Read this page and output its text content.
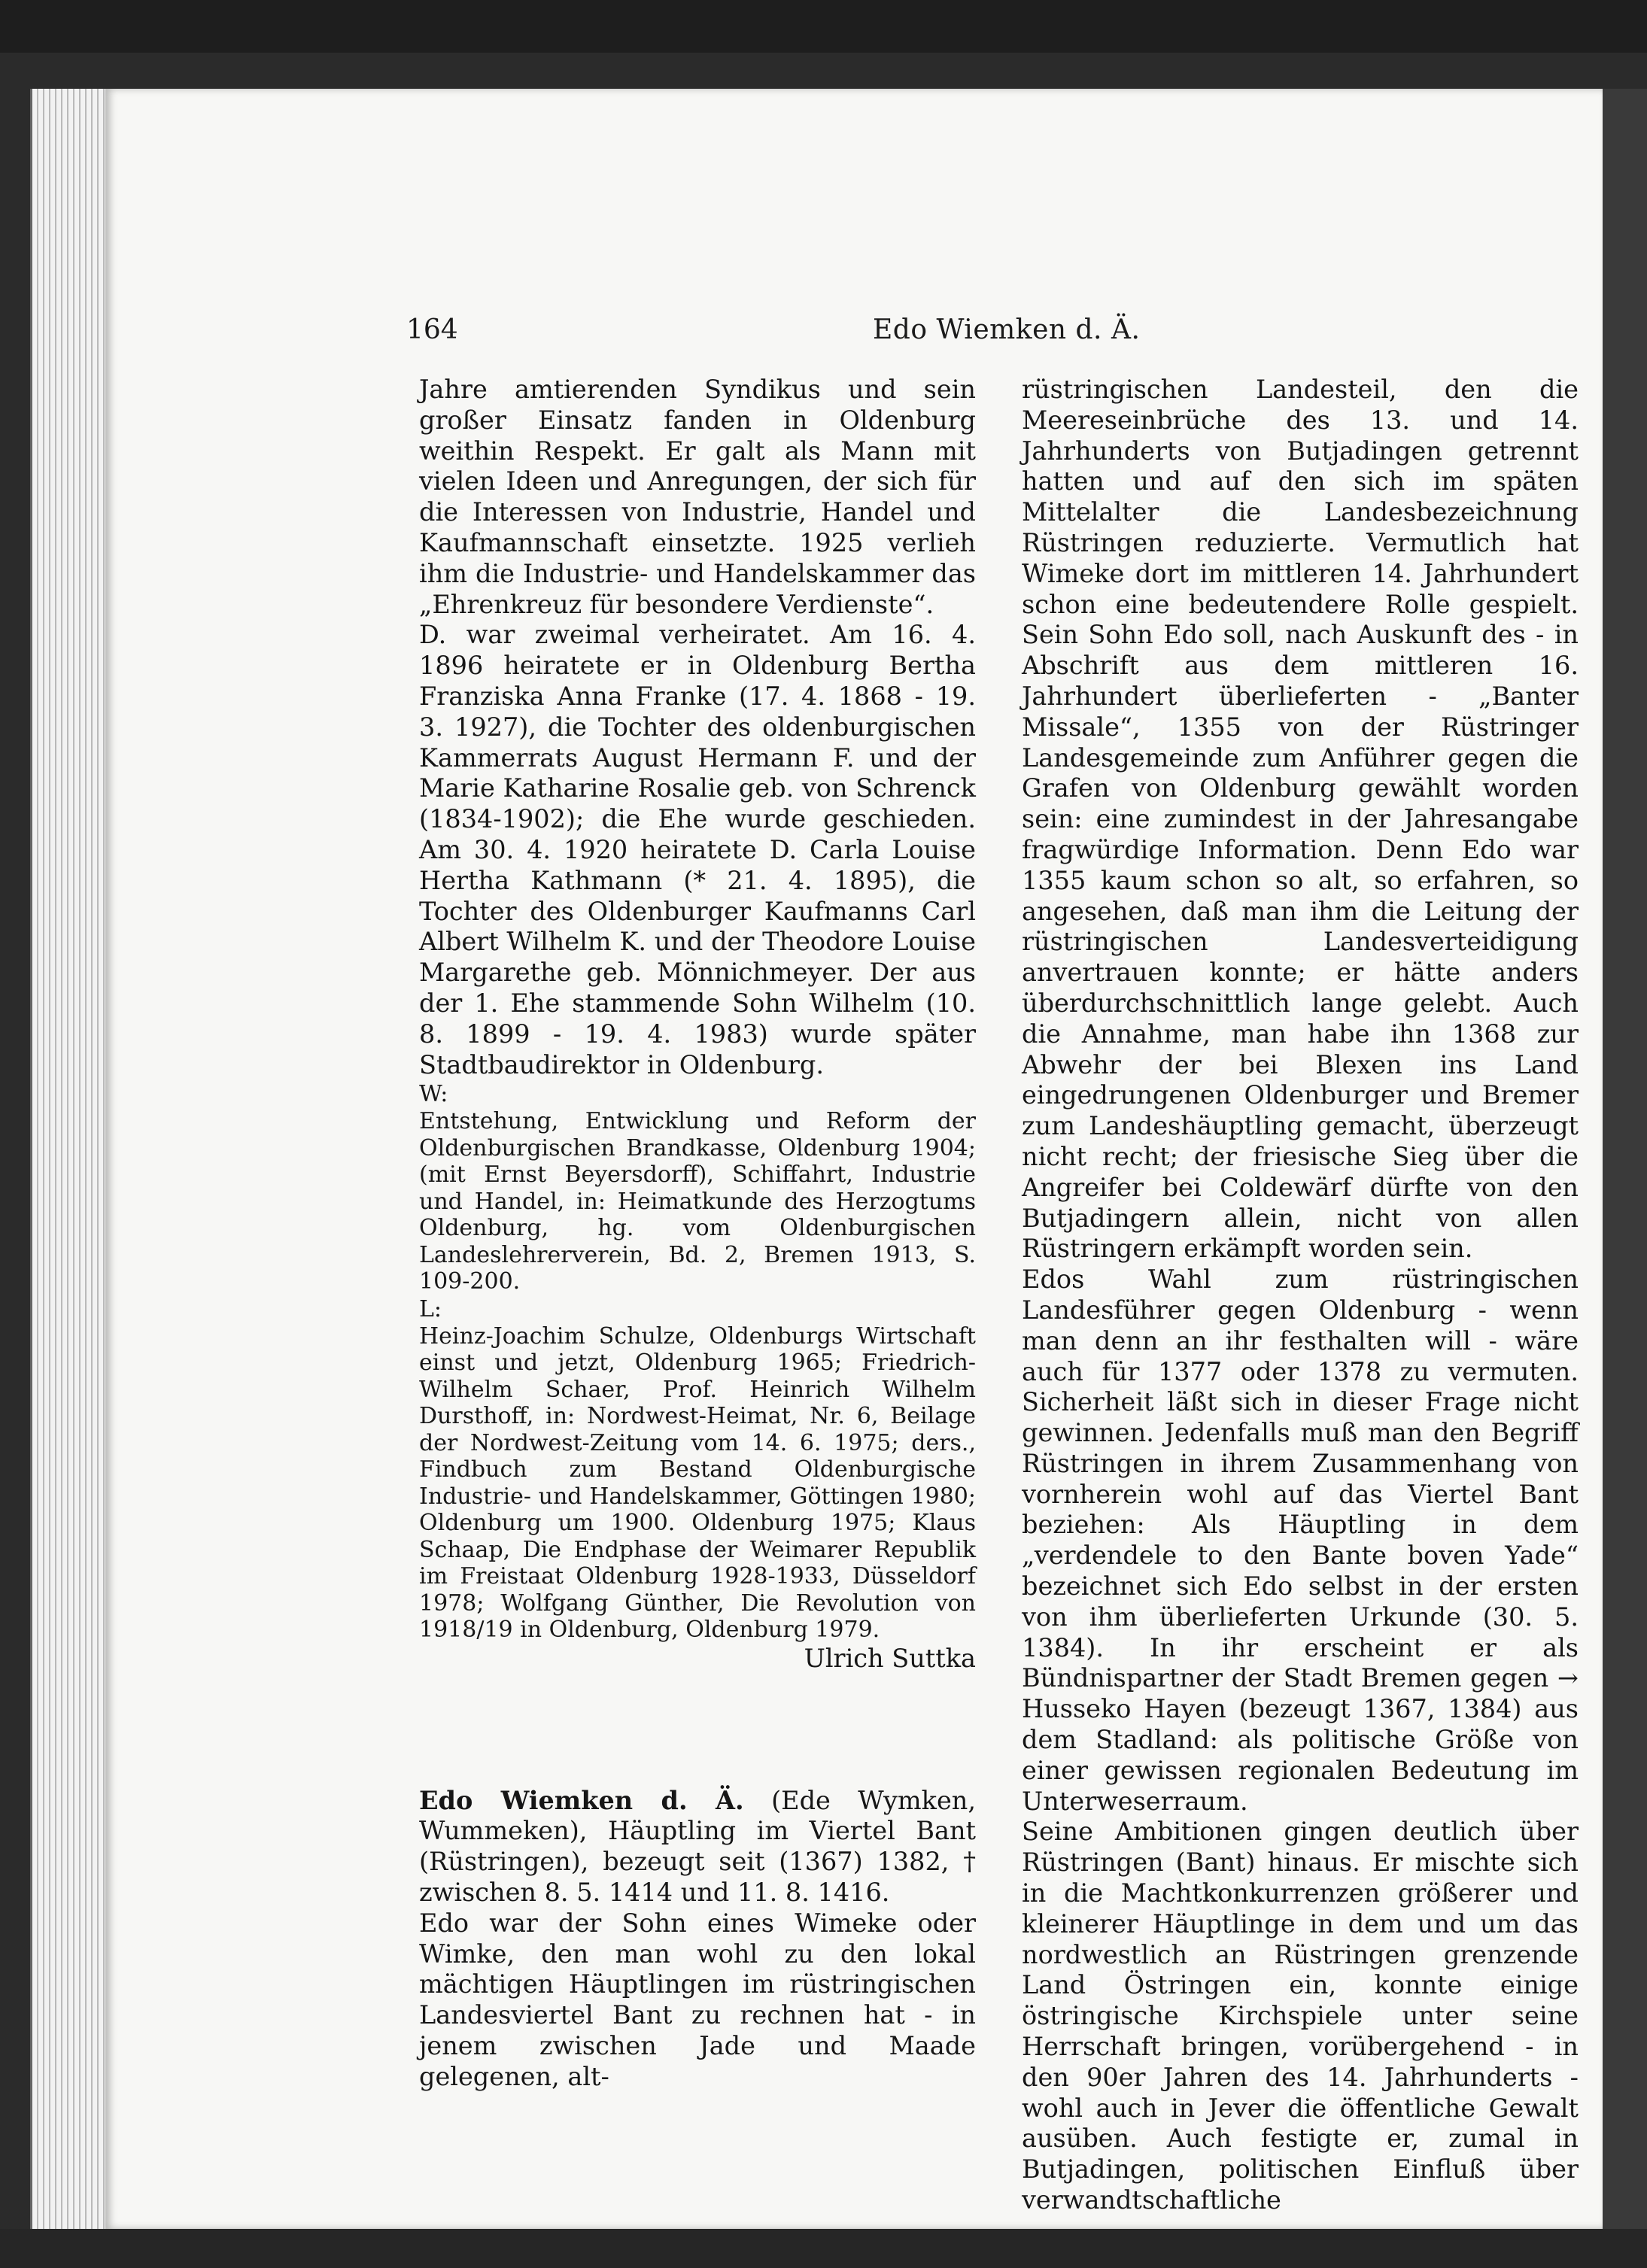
164	Edo Wiemken d. Ä.

Jahre amtierenden Syndikus und sein großer Einsatz fanden in Oldenburg weithin Respekt. Er galt als Mann mit vielen Ideen und Anregungen, der sich für die Interessen von Industrie, Handel und Kaufmannschaft einsetzte. 1925 verlieh ihm die Industrie- und Handelskammer das „Ehrenkreuz für besondere Verdienste“.

D. war zweimal verheiratet. Am 16. 4. 1896 heiratete er in Oldenburg Bertha Franziska Anna Franke (17. 4. 1868 - 19. 3. 1927), die Tochter des oldenburgischen Kammerrats August Hermann F. und der Marie Katharine Rosalie geb. von Schrenck (1834-1902); die Ehe wurde geschieden. Am 30. 4. 1920 heiratete D. Carla Louise Hertha Kathmann (* 21. 4. 1895), die Tochter des Oldenburger Kaufmanns Carl Albert Wilhelm K. und der Theodore Louise Margarethe geb. Mönnichmeyer. Der aus der 1. Ehe stammende Sohn Wilhelm (10. 8. 1899 - 19. 4. 1983) wurde später Stadtbaudirektor in Oldenburg.

W:

Entstehung, Entwicklung und Reform der Oldenburgischen Brandkasse, Oldenburg 1904; (mit Ernst Beyersdorff), Schiffahrt, Industrie und Handel, in: Heimatkunde des Herzogtums Oldenburg, hg. vom Oldenburgischen Landeslehrerverein, Bd. 2, Bremen 1913, S. 109-200.

L:

Heinz-Joachim Schulze, Oldenburgs Wirtschaft einst und jetzt, Oldenburg 1965; Friedrich-Wilhelm Schaer, Prof. Heinrich Wilhelm Dursthoff, in: Nordwest-Heimat, Nr. 6, Beilage der Nordwest-Zeitung vom 14. 6. 1975; ders., Findbuch zum Bestand Oldenburgische Industrie- und Handelskammer, Göttingen 1980; Oldenburg um 1900. Oldenburg 1975; Klaus Schaap, Die Endphase der Weimarer Republik im Freistaat Oldenburg 1928-1933, Düsseldorf 1978; Wolfgang Günther, Die Revolution von 1918/19 in Oldenburg, Oldenburg 1979.

Ulrich Suttka

Edo Wiemken d. Ä. (Ede Wymken, Wummeken), Häuptling im Viertel Bant (Rüstringen), bezeugt seit (1367) 1382, † zwischen 8. 5. 1414 und 11. 8. 1416.

Edo war der Sohn eines Wimeke oder Wimke, den man wohl zu den lokal mächtigen Häuptlingen im rüstringischen Landesviertel Bant zu rechnen hat - in jenem zwischen Jade und Maade gelegenen, alt-

rüstringischen Landesteil, den die Meereseinbrüche des 13. und 14. Jahrhunderts von Butjadingen getrennt hatten und auf den sich im späten Mittelalter die Landesbezeichnung Rüstringen reduzierte. Vermutlich hat Wimeke dort im mittleren 14. Jahrhundert schon eine bedeutendere Rolle gespielt. Sein Sohn Edo soll, nach Auskunft des - in Abschrift aus dem mittleren 16. Jahrhundert überlieferten - „Banter Missale“, 1355 von der Rüstringer Landesgemeinde zum Anführer gegen die Grafen von Oldenburg gewählt worden sein: eine zumindest in der Jahresangabe fragwürdige Information. Denn Edo war 1355 kaum schon so alt, so erfahren, so angesehen, daß man ihm die Leitung der rüstringischen Landesverteidigung anvertrauen konnte; er hätte anders überdurchschnittlich lange gelebt. Auch die Annahme, man habe ihn 1368 zur Abwehr der bei Blexen ins Land eingedrungenen Oldenburger und Bremer zum Landeshäuptling gemacht, überzeugt nicht recht; der friesische Sieg über die Angreifer bei Coldewärf dürfte von den Butjadingern allein, nicht von allen Rüstringern erkämpft worden sein.

Edos Wahl zum rüstringischen Landesführer gegen Oldenburg - wenn man denn an ihr festhalten will - wäre auch für 1377 oder 1378 zu vermuten. Sicherheit läßt sich in dieser Frage nicht gewinnen. Jedenfalls muß man den Begriff Rüstringen in ihrem Zusammenhang von vornherein wohl auf das Viertel Bant beziehen: Als Häuptling in dem „verdendele to den Bante boven Yade“ bezeichnet sich Edo selbst in der ersten von ihm überlieferten Urkunde (30. 5. 1384). In ihr erscheint er als Bündnispartner der Stadt Bremen gegen → Husseko Hayen (bezeugt 1367, 1384) aus dem Stadland: als politische Größe von einer gewissen regionalen Bedeutung im Unterweserraum.

Seine Ambitionen gingen deutlich über Rüstringen (Bant) hinaus. Er mischte sich in die Machtkonkurrenzen größerer und kleinerer Häuptlinge in dem und um das nordwestlich an Rüstringen grenzende Land Östringen ein, konnte einige östringische Kirchspiele unter seine Herrschaft bringen, vorübergehend - in den 90er Jahren des 14. Jahrhunderts - wohl auch in Jever die öffentliche Gewalt ausüben. Auch festigte er, zumal in Butjadingen, politischen Einfluß über verwandtschaftliche
